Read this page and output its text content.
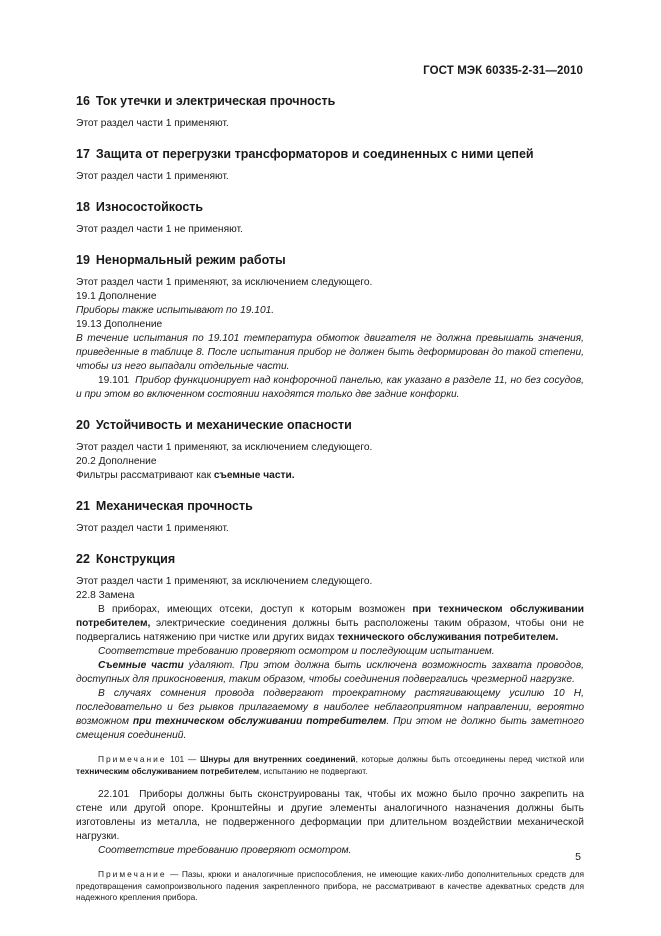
ГОСТ МЭК 60335-2-31—2010
16 Ток утечки и электрическая прочность

Этот раздел части 1 применяют.

17 Защита от перегрузки трансформаторов и соединенных с ними цепей

Этот раздел части 1 применяют.

18 Износостойкость

Этот раздел части 1 не применяют.

19 Ненормальный режим работы

Этот раздел части 1 применяют, за исключением следующего.

19.1 Дополнение

Приборы также испытывают по 19.101.

19.13 Дополнение

В течение испытания по 19.101 температура обмоток двигателя не должна превышать значения, приведенные в таблице 8. После испытания прибор не должен быть деформирован до такой степени, чтобы из него выпадали отдельные части.

19.101 Прибор функционирует над конфорочной панелью, как указано в разделе 11, но без сосудов, и при этом во включенном состоянии находятся только две задние конфорки.

20 Устойчивость и механические опасности

Этот раздел части 1 применяют, за исключением следующего.

20.2 Дополнение

Фильтры рассматривают как съемные части.

21 Механическая прочность

Этот раздел части 1 применяют.

22 Конструкция

Этот раздел части 1 применяют, за исключением следующего.

22.8 Замена

В приборах, имеющих отсеки, доступ к которым возможен при техническом обслуживании потребителем, электрические соединения должны быть расположены таким образом, чтобы они не подвергались натяжению при чистке или других видах технического обслуживания потребителем.

Соответствие требованию проверяют осмотром и последующим испытанием.

Съемные части удаляют. При этом должна быть исключена возможность захвата проводов, доступных для прикосновения, таким образом, чтобы соединения подвергались чрезмерной нагрузке.

В случаях сомнения провода подвергают троекратному растягивающему усилию 10 Н, последовательно и без рывков прилагаемому в наиболее неблагоприятном направлении, вероятно возможном при техническом обслуживании потребителем. При этом не должно быть заметного смещения соединений.

Примечание 101 — Шнуры для внутренних соединений, которые должны быть отсоединены перед чисткой или техническим обслуживанием потребителем, испытанию не подвергают.

22.101 Приборы должны быть сконструированы так, чтобы их можно было прочно закрепить на стене или другой опоре. Кронштейны и другие элементы аналогичного назначения должны быть изготовлены из металла, не подверженного деформации при длительном воздействии механической нагрузки.

Соответствие требованию проверяют осмотром.

Примечание — Пазы, крюки и аналогичные приспособления, не имеющие каких-либо дополнительных средств для предотвращения самопроизвольного падения закрепленного прибора, не рассматривают в качестве адекватных средств для надежного крепления прибора.

5
